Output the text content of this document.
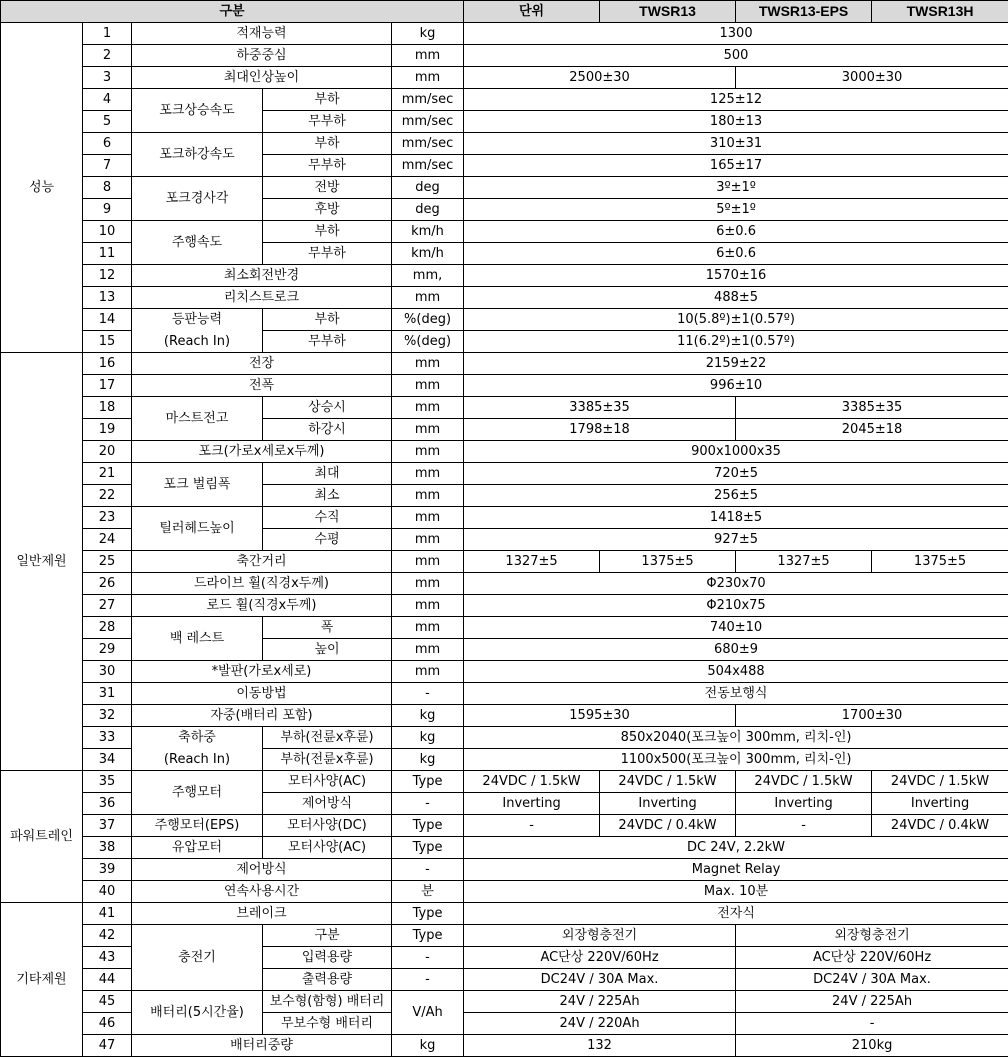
구분					단위	TWSR13	TWSR13-EPS	TWSR13H	
성능	1	적재능력		kg	1300				
	2	하중중심		mm	500				
	3	최대인상높이		mm	2500±30		3000±30		
	4	포크상승속도	부하	mm/sec	125±12				
	5		무부하	mm/sec	180±13				
	6	포크하강속도	부하	mm/sec	310±31				
	7		무부하	mm/sec	165±17				
	8	포크경사각	전방	deg	3º±1º				
	9		후방	deg	5º±1º				
	10	주행속도	부하	km/h	6±0.6				
	11		무부하	km/h	6±0.6				
	12	최소회전반경		mm,	1570±16				
	13	리치스트로크		mm	488±5				
	14	등판능력	부하	%(deg)	10(5.8º)±1(0.57º)				
	15	(Reach In)	무부하	%(deg)	11(6.2º)±1(0.57º)				
일반제원	16	전장		mm	2159±22				
	17	전폭		mm	996±10				
	18	마스트전고	상승시	mm	3385±35		3385±35		
	19		하강시	mm	1798±18		2045±18		
	20	포크(가로x세로x두께)		mm	900x1000x35				
	21	포크 벌림폭	최대	mm	720±5				
	22		최소	mm	256±5				
	23	틸러헤드높이	수직	mm	1418±5				
	24		수평	mm	927±5				
	25	축간거리		mm	1327±5	1375±5	1327±5	1375±5	
	26	드라이브 휠(직경x두께)		mm	Φ230x70				
	27	로드 휠(직경x두께)		mm	Φ210x75				
	28	백 레스트	폭	mm	740±10				
	29		높이	mm	680±9				
	30	*발판(가로x세로)		mm	504x488				
	31	이동방법		-	전동보행식				
	32	자중(배터리 포함)		kg	1595±30		1700±30		
	33	축하중	부하(전륜x후륜)	kg	850x2040(포크높이 300mm, 리치-인)				
	34	(Reach In)	부하(전륜x후륜)	kg	1100x500(포크높이 300mm, 리치-인)				
파워트레인	35	주행모터	모터사양(AC)	Type	24VDC / 1.5kW	24VDC / 1.5kW	24VDC / 1.5kW	24VDC / 1.5kW	
	36		제어방식	-	Inverting	Inverting	Inverting	Inverting	
	37	주행모터(EPS)	모터사양(DC)	Type	-	24VDC / 0.4kW	-	24VDC / 0.4kW	
	38	유압모터	모터사양(AC)	Type	DC 24V, 2.2kW				
	39	제어방식		-	Magnet Relay				
	40	연속사용시간		분	Max. 10분				
기타제원	41	브레이크		Type	전자식				
	42	충전기	구분	Type	외장형충전기		외장형충전기		
	43		입력용량	-	AC단상 220V/60Hz		AC단상 220V/60Hz		
	44		출력용량	-	DC24V / 30A Max.		DC24V / 30A Max.		
	45	배터리(5시간율)	보수형(함형) 배터리	V/Ah	24V / 225Ah		24V / 225Ah		
	46		무보수형 배터리		24V / 220Ah		-		
	47	배터리중량		kg	132		210kg		
